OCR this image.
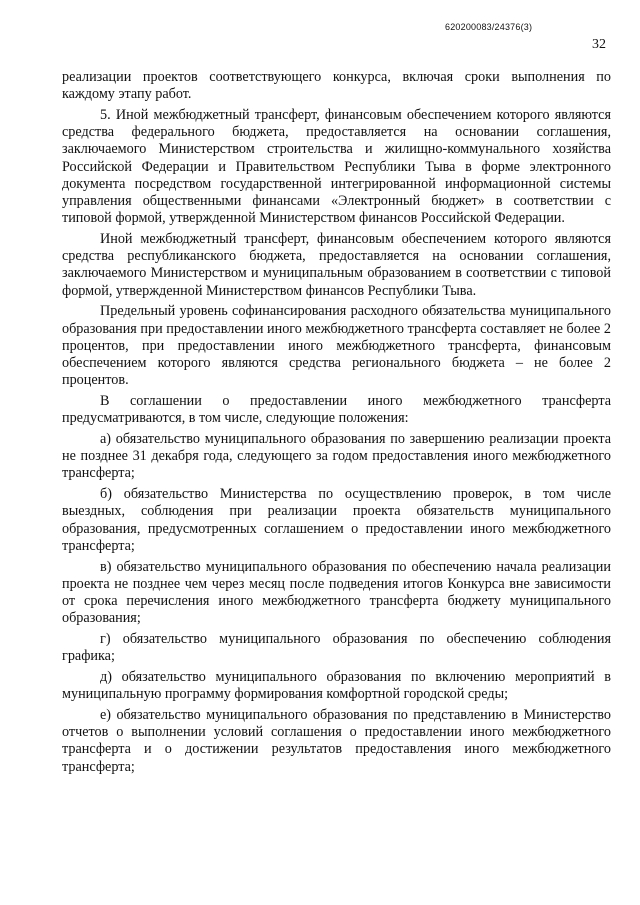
620200083/24376(3)
32

реализации проектов соответствующего конкурса, включая сроки выполнения по каждому этапу работ.

5. Иной межбюджетный трансферт, финансовым обеспечением которого являются средства федерального бюджета, предоставляется на основании соглашения, заключаемого Министерством строительства и жилищно-коммунального хозяйства Российской Федерации и Правительством Республики Тыва в форме электронного документа посредством государственной интегрированной информационной системы управления общественными финансами «Электронный бюджет» в соответствии с типовой формой, утвержденной Министерством финансов Российской Федерации.

Иной межбюджетный трансферт, финансовым обеспечением которого являются средства республиканского бюджета, предоставляется на основании соглашения, заключаемого Министерством и муниципальным образованием в соответствии с типовой формой, утвержденной Министерством финансов Республики Тыва.

Предельный уровень софинансирования расходного обязательства муниципального образования при предоставлении иного межбюджетного трансферта составляет не более 2 процентов, при предоставлении иного межбюджетного трансферта, финансовым обеспечением которого являются средства регионального бюджета – не более 2 процентов.

В соглашении о предоставлении иного межбюджетного трансферта предусматриваются, в том числе, следующие положения:

а) обязательство муниципального образования по завершению реализации проекта не позднее 31 декабря года, следующего за годом предоставления иного межбюджетного трансферта;

б) обязательство Министерства по осуществлению проверок, в том числе выездных, соблюдения при реализации проекта обязательств муниципального образования, предусмотренных соглашением о предоставлении иного межбюджетного трансферта;

в) обязательство муниципального образования по обеспечению начала реализации проекта не позднее чем через месяц после подведения итогов Конкурса вне зависимости от срока перечисления иного межбюджетного трансферта бюджету муниципального образования;

г) обязательство муниципального образования по обеспечению соблюдения графика;

д) обязательство муниципального образования по включению мероприятий в муниципальную программу формирования комфортной городской среды;

е) обязательство муниципального образования по представлению в Министерство отчетов о выполнении условий соглашения о предоставлении иного межбюджетного трансферта и о достижении результатов предоставления иного межбюджетного трансферта;
